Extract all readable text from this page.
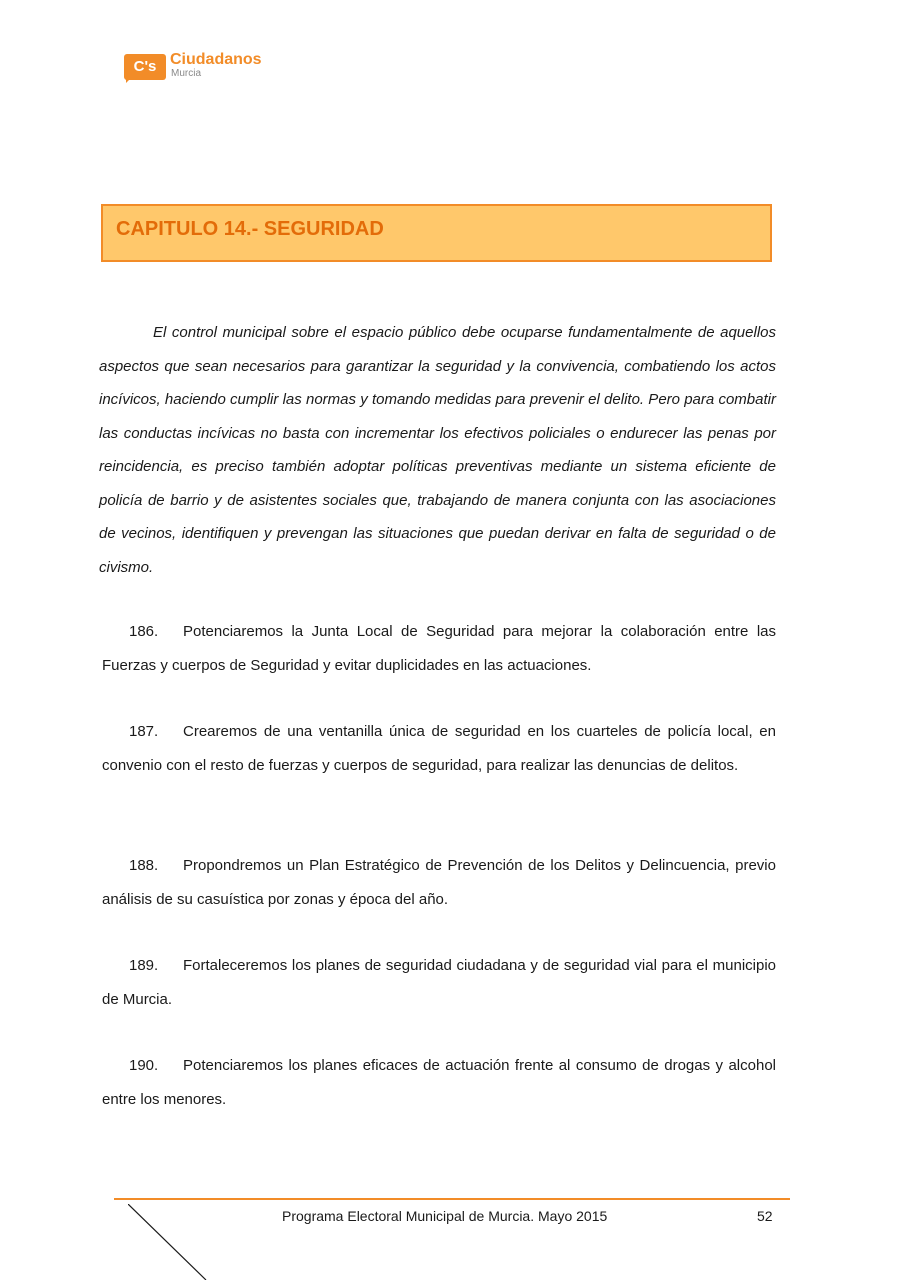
C's Ciudadanos
Murcia
CAPITULO 14.- SEGURIDAD

El control municipal sobre el espacio público debe ocuparse fundamentalmente de aquellos aspectos que sean necesarios para garantizar la seguridad y la convivencia, combatiendo los actos incívicos, haciendo cumplir las normas y tomando medidas para prevenir el delito. Pero para combatir las conductas incívicas no basta con incrementar los efectivos policiales o endurecer las penas por reincidencia, es preciso también adoptar políticas preventivas mediante un sistema eficiente de policía de barrio y de asistentes sociales que, trabajando de manera conjunta con las asociaciones de vecinos, identifiquen y prevengan las situaciones que puedan derivar en falta de seguridad o de civismo.

186. Potenciaremos la Junta Local de Seguridad para mejorar la colaboración entre las Fuerzas y cuerpos de Seguridad y evitar duplicidades en las actuaciones.

187. Crearemos de una ventanilla única de seguridad en los cuarteles de policía local, en convenio con el resto de fuerzas y cuerpos de seguridad, para realizar las denuncias de delitos.

188. Propondremos un Plan Estratégico de Prevención de los Delitos y Delincuencia, previo análisis de su casuística por zonas y época del año.

189. Fortaleceremos los planes de seguridad ciudadana y de seguridad vial para el municipio de Murcia.

190. Potenciaremos los planes eficaces de actuación frente al consumo de drogas y alcohol entre los menores.

Programa Electoral Municipal de Murcia. Mayo 2015	52
